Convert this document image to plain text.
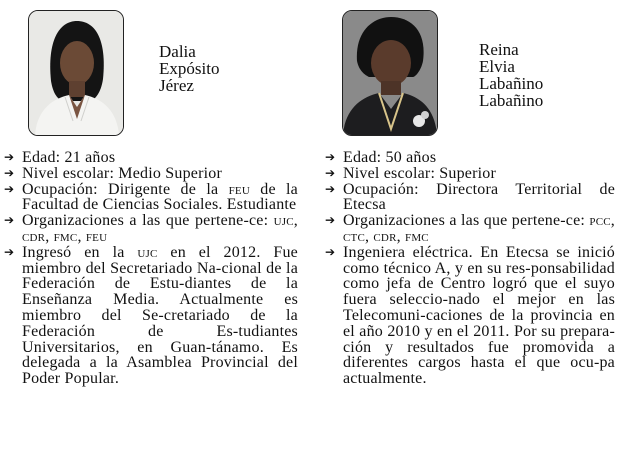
Dalia
Expósito
Jérez
➔ Edad: 21 años
➔ Nivel escolar: Medio Superior
➔ Ocupación: Dirigente de la feu de la Facultad de Ciencias Sociales. Estudiante
➔ Organizaciones a las que pertene-ce: ujc, cdr, fmc, feu
➔ Ingresó en la ujc en el 2012. Fue miembro del Secretariado Na-cional de la Federación de Estu-diantes de la Enseñanza Media. Actualmente es miembro del Se-cretariado de la Federación de Es-tudiantes Universitarios, en Guan-tánamo. Es delegada a la Asamblea Provincial del Poder Popular.
Reina
Elvia
Labañino
Labañino
➔ Edad: 50 años
➔ Nivel escolar: Superior
➔ Ocupación: Directora Territorial de Etecsa
➔ Organizaciones a las que pertene-ce: pcc, ctc, cdr, fmc
➔ Ingeniera eléctrica. En Etecsa se inició como técnico A, y en su res-ponsabilidad como jefa de Centro logró que el suyo fuera seleccio-nado el mejor en las Telecomuni-caciones de la provincia en el año 2010 y en el 2011. Por su prepara-ción y resultados fue promovida a diferentes cargos hasta el que ocu-pa actualmente.
